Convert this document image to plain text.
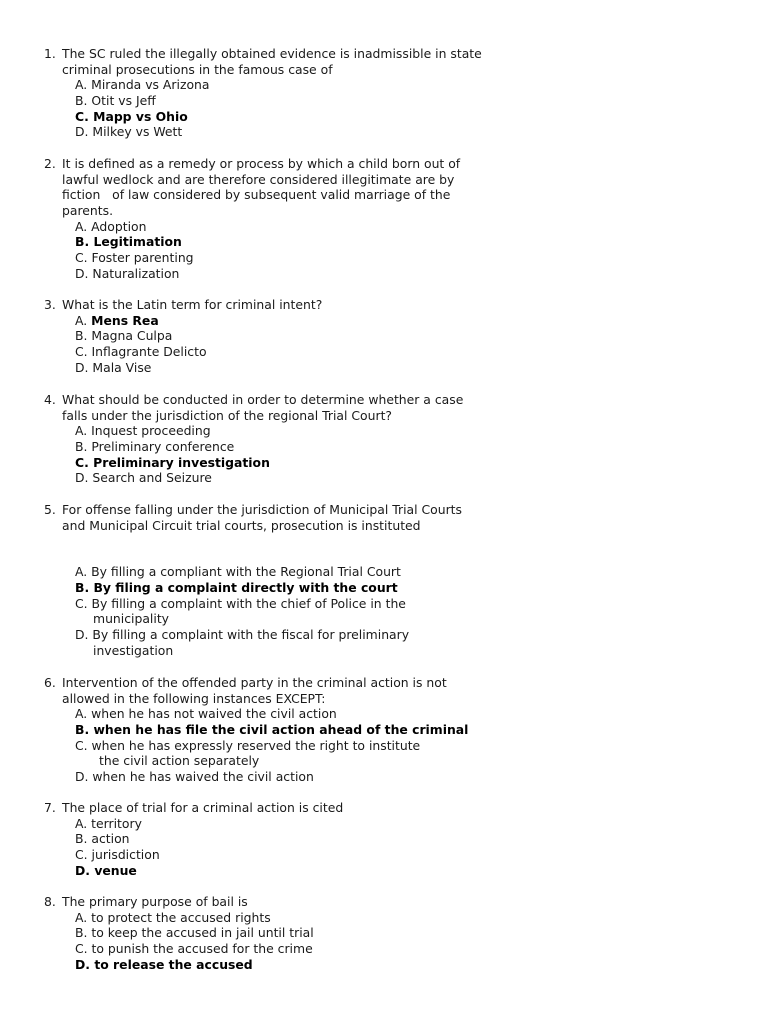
1. The SC ruled the illegally obtained evidence is inadmissible in state
criminal prosecutions in the famous case of
A. Miranda vs Arizona
B. Otit vs Jeff
C. Mapp vs Ohio
D. Milkey vs Wett
2. It is defined as a remedy or process by which a child born out of
lawful wedlock and are therefore considered illegitimate are by
fiction   of law considered by subsequent valid marriage of the
parents.
A. Adoption
B. Legitimation
C. Foster parenting
D. Naturalization
3. What is the Latin term for criminal intent?
A. Mens Rea
B. Magna Culpa
C. Inflagrante Delicto
D. Mala Vise
4. What should be conducted in order to determine whether a case
falls under the jurisdiction of the regional Trial Court?
A. Inquest proceeding
B. Preliminary conference
C. Preliminary investigation
D. Search and Seizure
5. For offense falling under the jurisdiction of Municipal Trial Courts
and Municipal Circuit trial courts, prosecution is instituted
A. By filling a compliant with the Regional Trial Court
B. By filing a complaint directly with the court
C. By filling a complaint with the chief of Police in the
municipality
D. By filling a complaint with the fiscal for preliminary
investigation
6. Intervention of the offended party in the criminal action is not
allowed in the following instances EXCEPT:
A. when he has not waived the civil action
B. when he has file the civil action ahead of the criminal
C. when he has expressly reserved the right to institute
the civil action separately
D. when he has waived the civil action
7. The place of trial for a criminal action is cited
A. territory
B. action
C. jurisdiction
D. venue
8. The primary purpose of bail is
A. to protect the accused rights
B. to keep the accused in jail until trial
C. to punish the accused for the crime
D. to release the accused
